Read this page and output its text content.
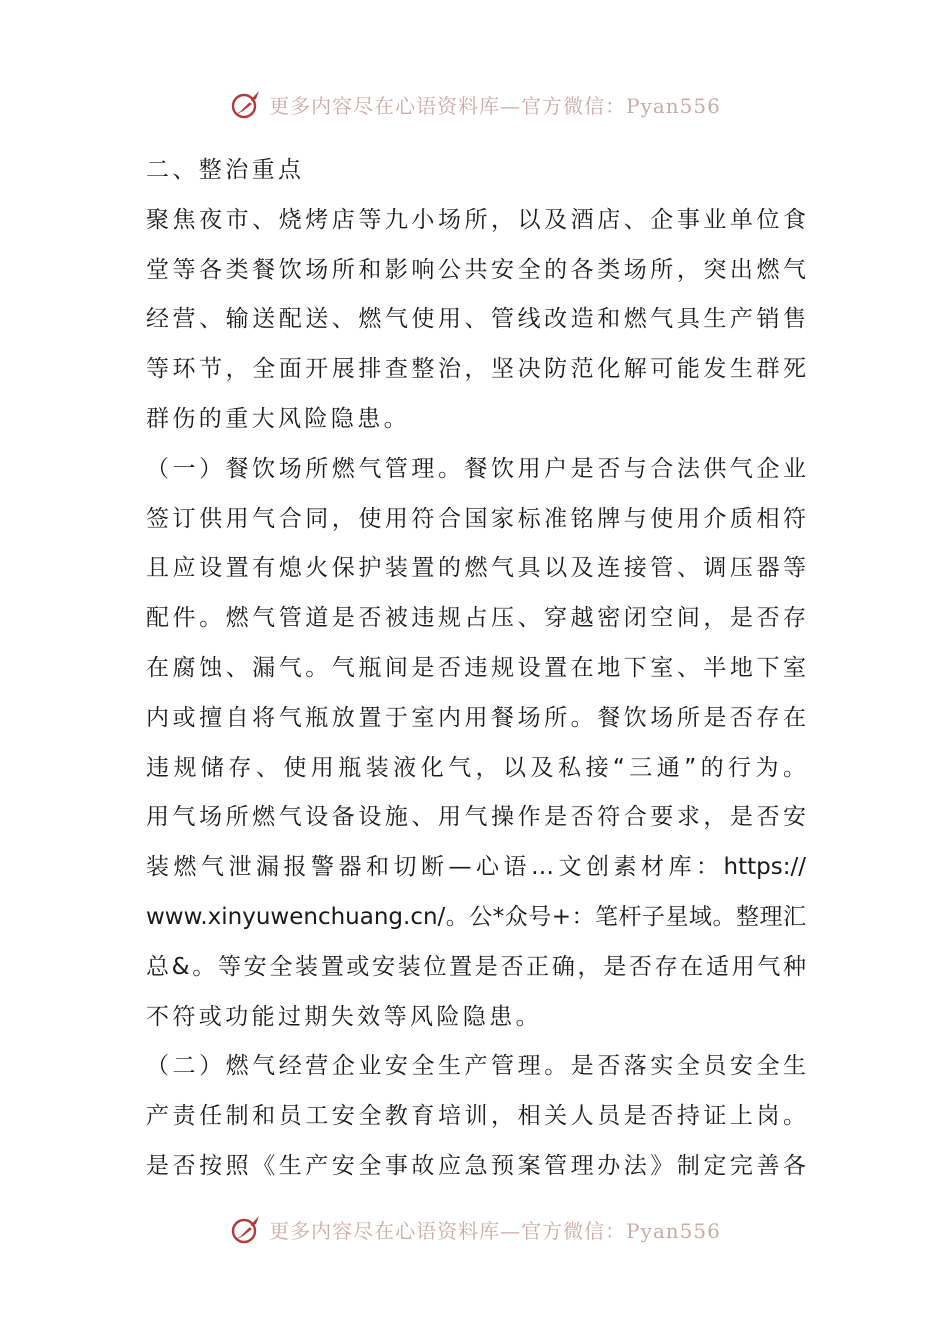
更多内容尽在心语资料库—官方微信：Pyan556
二、整治重点
聚焦夜市、烧烤店等九小场所，以及酒店、企事业单位食
堂等各类餐饮场所和影响公共安全的各类场所，突出燃气
经营、输送配送、燃气使用、管线改造和燃气具生产销售
等环节，全面开展排查整治，坚决防范化解可能发生群死
群伤的重大风险隐患。
（一）餐饮场所燃气管理。餐饮用户是否与合法供气企业
签订供用气合同，使用符合国家标准铭牌与使用介质相符
且应设置有熄火保护装置的燃气具以及连接管、调压器等
配件。燃气管道是否被违规占压、穿越密闭空间，是否存
在腐蚀、漏气。气瓶间是否违规设置在地下室、半地下室
内或擅自将气瓶放置于室内用餐场所。餐饮场所是否存在
违规储存、使用瓶装液化气，以及私接“三通”的行为。
用气场所燃气设备设施、用气操作是否符合要求，是否安
装燃气泄漏报警器和切断—心语…文创素材库：https://
www.xinyuwenchuang.cn/。公*众号+：笔杆子星域。整理汇
总&。等安全装置或安装位置是否正确，是否存在适用气种
不符或功能过期失效等风险隐患。
（二）燃气经营企业安全生产管理。是否落实全员安全生
产责任制和员工安全教育培训，相关人员是否持证上岗。
是否按照《生产安全事故应急预案管理办法》制定完善各
更多内容尽在心语资料库—官方微信：Pyan556
